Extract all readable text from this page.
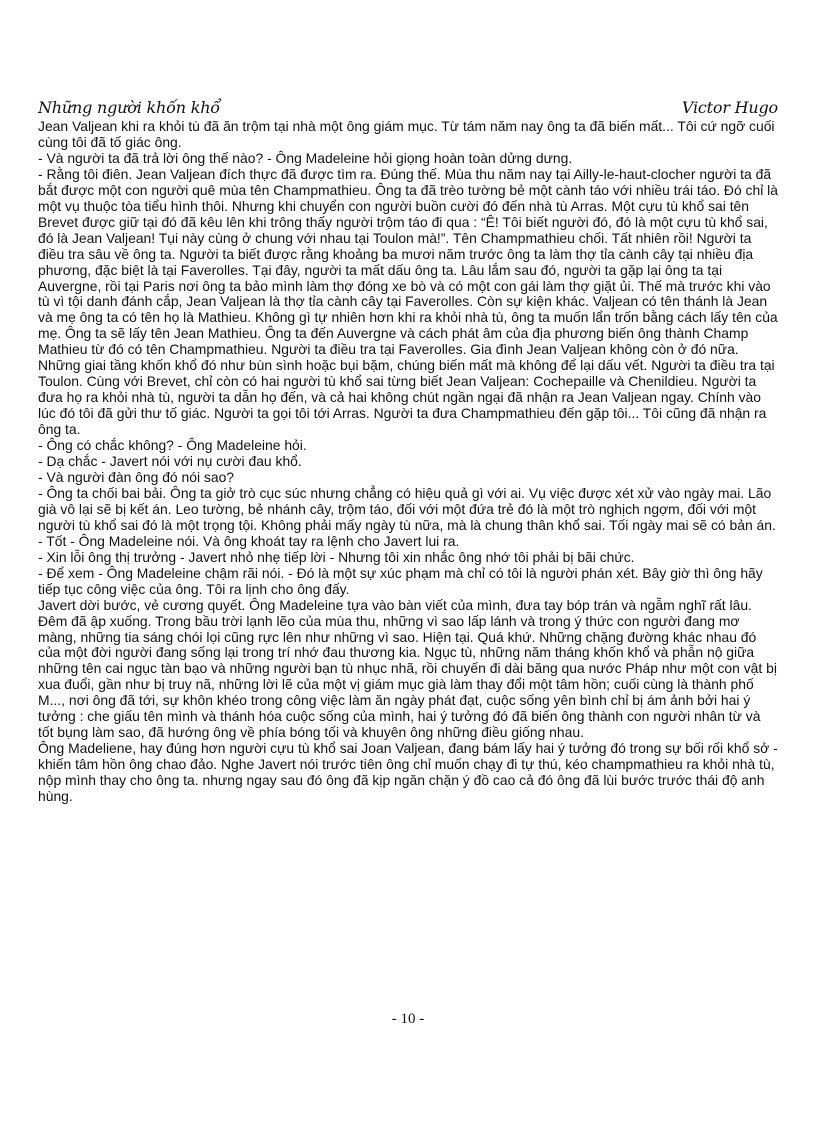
Những người khốn khổ	Victor Hugo

Jean Valjean khi ra khỏi tù đã ăn trộm tại nhà một ông giám mục. Từ tám năm nay ông ta đã biến mất... Tôi cứ ngỡ cuối cùng tôi đã tố giác ông.

- Và người ta đã trả lời ông thế nào? - Ông Madeleine hỏi giọng hoàn toàn dửng dưng.

- Rằng tôi điên. Jean Valjean đích thực đã được tìm ra. Đúng thế. Mùa thu năm nay tại Ailly-le-haut-clocher người ta đã bắt được một con người quê mùa tên Champmathieu. Ông ta đã trèo tường bẻ một cành táo với nhiều trái táo. Đó chỉ là một vụ thuộc tòa tiểu hình thôi. Nhưng khi chuyển con người buồn cười đó đến nhà tù Arras. Một cựu tù khổ sai tên Brevet được giữ tại đó đã kêu lên khi trông thấy người trộm táo đi qua : “Ê! Tôi biết người đó, đó là một cựu tù khổ sai, đó là Jean Valjean! Tụi này cùng ở chung với nhau tại Toulon mà!”. Tên Champmathieu chối. Tất nhiên rồi! Người ta điều tra sâu về ông ta. Người ta biết được rằng khoảng ba mươi năm trước ông ta làm thợ tỉa cành cây tại nhiều địa phương, đặc biệt là tại Faverolles. Tại đây, người ta mất dấu ông ta. Lâu lắm sau đó, người ta gặp lại ông ta tại Auvergne, rồi tại Paris nơi ông ta bảo mình làm thợ đóng xe bò và có một con gái làm thợ giặt ủi. Thế mà trước khi vào tù vì tội danh đánh cắp, Jean Valjean là thợ tỉa cành cây tại Faverolles. Còn sự kiện khác. Valjean có tên thánh là Jean và mẹ ông ta có tên họ là Mathieu. Không gì tự nhiên hơn khi ra khỏi nhà tù, ông ta muốn lẩn trốn bằng cách lấy tên của mẹ. Ông ta sẽ lấy tên Jean Mathieu. Ông ta đến Auvergne và cách phát âm của địa phương biến ông thành Champ Mathieu từ đó có tên Champmathieu. Người ta điều tra tại Faverolles. Gia đình Jean Valjean không còn ở đó nữa. Những giai tầng khốn khổ đó như bùn sình hoặc bụi bặm, chúng biến mất mà không để lại dấu vết. Người ta điều tra tại Toulon. Cùng với Brevet, chỉ còn có hai người tù khổ sai từng biết Jean Valjean: Cochepaille và Chenildieu. Người ta đưa họ ra khỏi nhà tù, người ta dẫn họ đến, và cả hai không chút ngần ngại đã nhận ra Jean Valjean ngay. Chính vào lúc đó tôi đã gửi thư tố giác. Người ta gọi tôi tới Arras. Người ta đưa Champmathieu đến gặp tôi... Tôi cũng đã nhận ra ông ta.

- Ông có chắc không? - Ông Madeleine hỏi.

- Dạ chắc - Javert nói với nụ cười đau khổ.

- Và người đàn ông đó nói sao?

- Ông ta chối bai bải. Ông ta giở trò cục súc nhưng chẳng có hiệu quả gì với ai. Vụ việc được xét xử vào ngày mai. Lão già vô lại sẽ bị kết án. Leo tường, bẻ nhánh cây, trộm táo, đối với một đứa trẻ đó là một trò nghịch ngợm, đối với một người tù khổ sai đó là một trọng tội. Không phải mấy ngày tù nữa, mà là chung thân khổ sai. Tối ngày mai sẽ có bản án.

- Tốt - Ông Madeleine nói. Và ông khoát tay ra lệnh cho Javert lui ra.

- Xin lỗi ông thị trưởng - Javert nhỏ nhẹ tiếp lời - Nhưng tôi xin nhắc ông nhớ tôi phải bị bãi chức.

- Để xem - Ông Madeleine chậm rãi nói. - Đó là một sự xúc phạm mà chỉ có tôi là người phán xét. Bây giờ thì ông hãy tiếp tục công việc của ông. Tôi ra lịnh cho ông đấy.

Javert dời bước, vẻ cương quyết. Ông Madeleine tựa vào bàn viết của mình, đưa tay bóp trán và ngẫm nghĩ rất lâu.

Đêm đã ập xuống. Trong bầu trời lạnh lẽo của mùa thu, những vì sao lấp lánh và trong ý thức con người đang mơ màng, những tia sáng chói lọi cũng rực lên như những vì sao. Hiện tại. Quá khứ. Những chặng đường khác nhau đó của một đời người đang sống lại trong trí nhớ đau thương kia. Ngục tù, những năm tháng khốn khổ và phẫn nộ giữa những tên cai ngục tàn bạo và những người bạn tù nhục nhã, rồi chuyến đi dài băng qua nước Pháp như một con vật bị xua đuổi, gần như bị truy nã, những lời lẽ của một vị giám mục già làm thay đổi một tâm hồn; cuối cùng là thành phố M..., nơi ông đã tới, sự khôn khéo trong công việc làm ăn ngày phát đạt, cuộc sống yên bình chỉ bị ám ảnh bởi hai ý tưởng : che giấu tên mình và thánh hóa cuộc sống của mình, hai ý tưởng đó đã biến ông thành con người nhân từ và tốt bụng làm sao, đã hướng ông về phía bóng tối và khuyên ông những điều giống nhau.

Ông Madeliene, hay đúng hơn người cựu tù khổ sai Joan Valjean, đang bám lấy hai ý tưởng đó trong sự bối rối khổ sở - khiến tâm hồn ông chao đảo. Nghe Javert nói trước tiên ông chỉ muốn chạy đi tự thú, kéo champmathieu ra khỏi nhà tù, nộp mình thay cho ông ta. nhưng ngay sau đó ông đã kịp ngăn chặn ý đồ cao cả đó ông đã lùi bước trước thái độ anh hùng.

- 10 -
